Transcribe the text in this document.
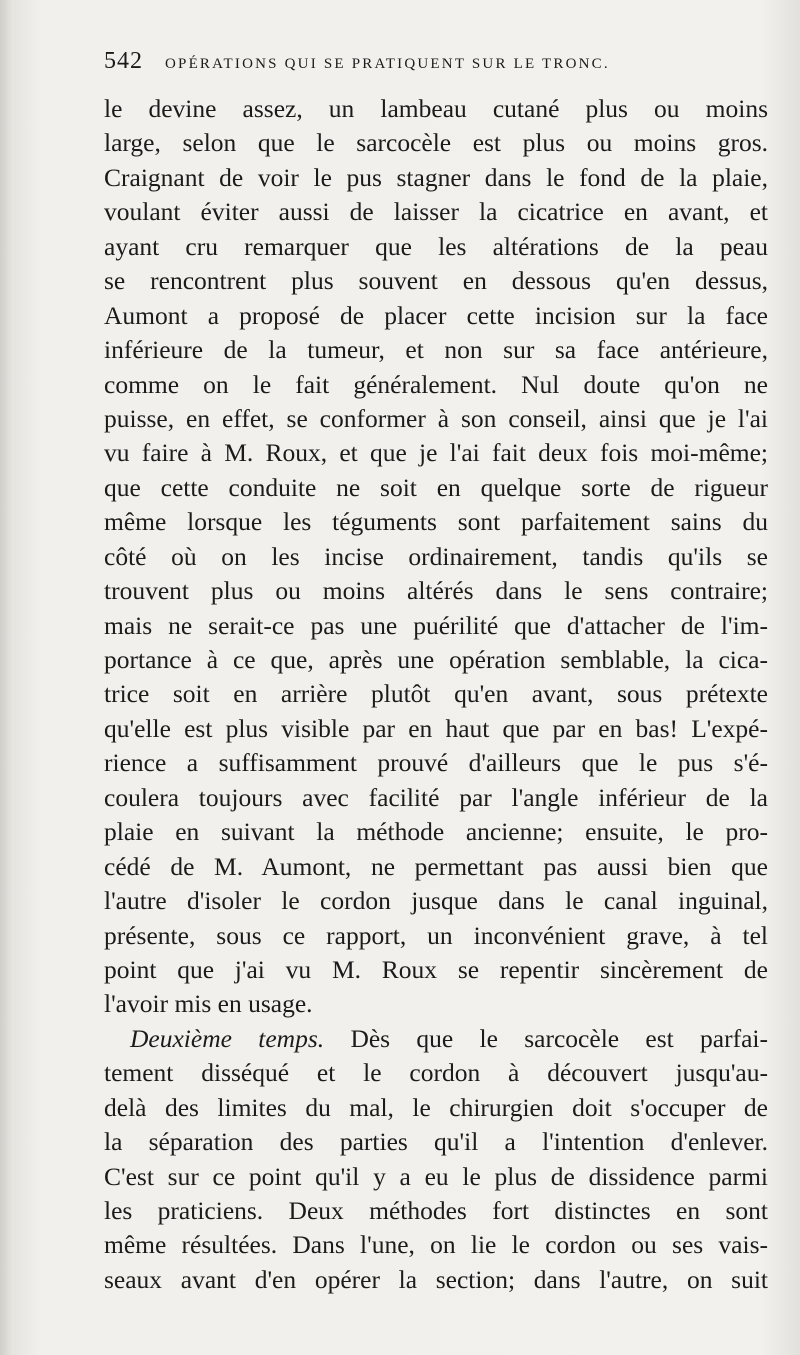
542 OPÉRATIONS QUI SE PRATIQUENT SUR LE TRONC.
le devine assez, un lambeau cutané plus ou moins
large, selon que le sarcocèle est plus ou moins gros.
Craignant de voir le pus stagner dans le fond de la plaie,
voulant éviter aussi de laisser la cicatrice en avant, et
ayant cru remarquer que les altérations de la peau
se rencontrent plus souvent en dessous qu'en dessus,
Aumont a proposé de placer cette incision sur la face
inférieure de la tumeur, et non sur sa face antérieure,
comme on le fait généralement. Nul doute qu'on ne
puisse, en effet, se conformer à son conseil, ainsi que je l'ai
vu faire à M. Roux, et que je l'ai fait deux fois moi-même;
que cette conduite ne soit en quelque sorte de rigueur
même lorsque les téguments sont parfaitement sains du
côté où on les incise ordinairement, tandis qu'ils se
trouvent plus ou moins altérés dans le sens contraire;
mais ne serait-ce pas une puérilité que d'attacher de l'im-
portance à ce que, après une opération semblable, la cica-
trice soit en arrière plutôt qu'en avant, sous prétexte
qu'elle est plus visible par en haut que par en bas! L'expé-
rience a suffisamment prouvé d'ailleurs que le pus s'é-
coulera toujours avec facilité par l'angle inférieur de la
plaie en suivant la méthode ancienne; ensuite, le pro-
cédé de M. Aumont, ne permettant pas aussi bien que
l'autre d'isoler le cordon jusque dans le canal inguinal,
présente, sous ce rapport, un inconvénient grave, à tel
point que j'ai vu M. Roux se repentir sincèrement de
l'avoir mis en usage.
Deuxième temps. Dès que le sarcocèle est parfai-
tement disséqué et le cordon à découvert jusqu'au-
delà des limites du mal, le chirurgien doit s'occuper de
la séparation des parties qu'il a l'intention d'enlever.
C'est sur ce point qu'il y a eu le plus de dissidence parmi
les praticiens. Deux méthodes fort distinctes en sont
même résultées. Dans l'une, on lie le cordon ou ses vais-
seaux avant d'en opérer la section; dans l'autre, on suit
